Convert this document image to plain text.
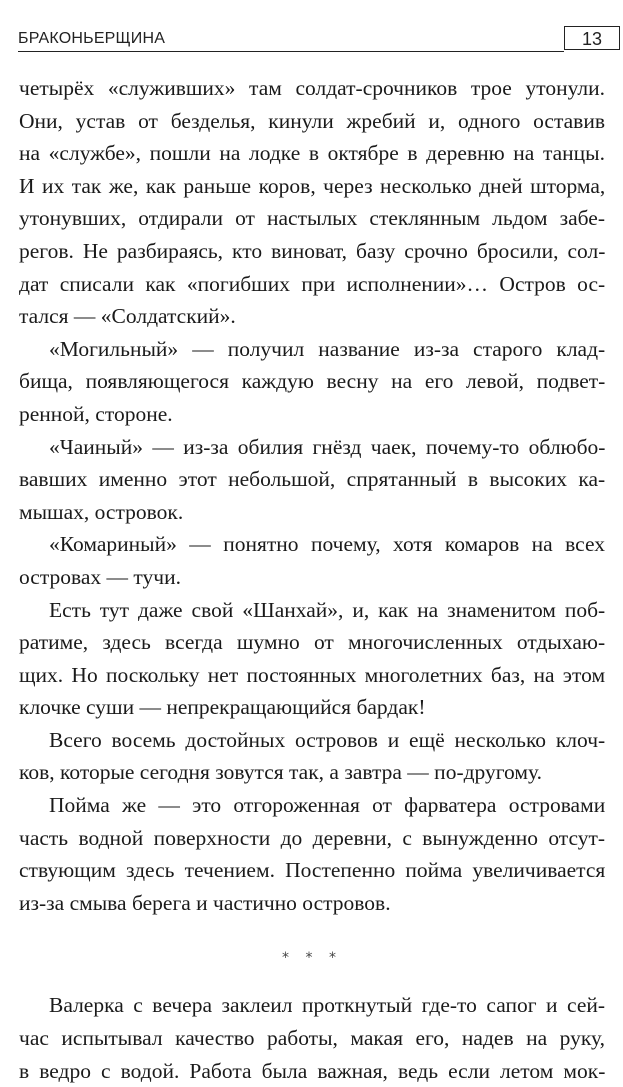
БРАКОНЬЕРЩИНА	13
четырёх «служивших» там солдат-срочников трое утонули.
Они, устав от безделья, кинули жребий и, одного оставив
на «службе», пошли на лодке в октябре в деревню на танцы.
И их так же, как раньше коров, через несколько дней шторма,
утонувших, отдирали от настылых стеклянным льдом забе-
регов. Не разбираясь, кто виноват, базу срочно бросили, сол-
дат списали как «погибших при исполнении»… Остров ос-
тался — «Солдатский».
«Могильный» — получил название из-за старого клад-
бища, появляющегося каждую весну на его левой, подвет-
ренной, стороне.
«Чаиный» — из-за обилия гнёзд чаек, почему-то облюбо-
вавших именно этот небольшой, спрятанный в высоких ка-
мышах, островок.
«Комариный» — понятно почему, хотя комаров на всех
островах — тучи.
Есть тут даже свой «Шанхай», и, как на знаменитом поб-
ратиме, здесь всегда шумно от многочисленных отдыхаю-
щих. Но поскольку нет постоянных многолетних баз, на этом
клочке суши — непрекращающийся бардак!
Всего восемь достойных островов и ещё несколько клоч-
ков, которые сегодня зовутся так, а завтра — по-другому.
Пойма же — это отгороженная от фарватера островами
часть водной поверхности до деревни, с вынужденно отсут-
ствующим здесь течением. Постепенно пойма увеличивается
из-за смыва берега и частично островов.
* * *
Валерка с вечера заклеил проткнутый где-то сапог и сей-
час испытывал качество работы, макая его, надев на руку,
в ведро с водой. Работа была важная, ведь если летом мок-
